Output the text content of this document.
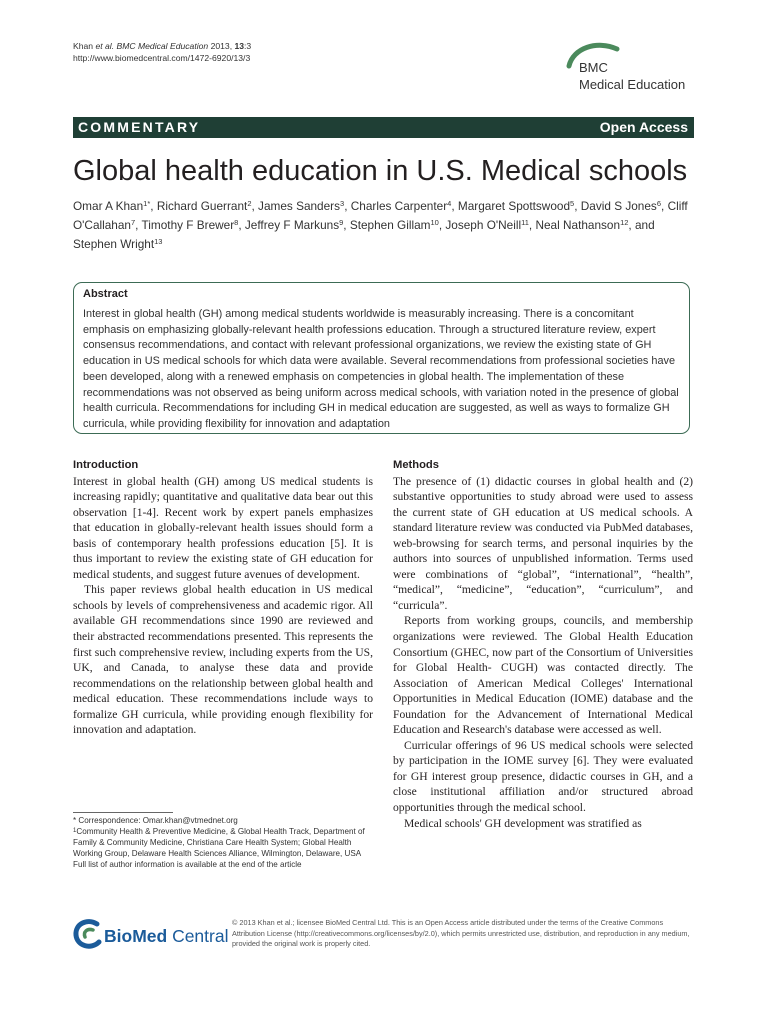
Khan et al. BMC Medical Education 2013, 13:3
http://www.biomedcentral.com/1472-6920/13/3
BMC
Medical Education
COMMENTARY	Open Access
Global health education in U.S. Medical schools
Omar A Khan$^{1*}$, Richard Guerrant$^2$, James Sanders$^3$, Charles Carpenter$^4$, Margaret Spottswood$^5$, David S Jones$^6$, Cliff O'Callahan$^7$, Timothy F Brewer$^8$, Jeffrey F Markuns$^9$, Stephen Gillam$^{10}$, Joseph O'Neill$^{11}$, Neal Nathanson$^{12}$, and Stephen Wright$^{13}$
Abstract
Interest in global health (GH) among medical students worldwide is measurably increasing. There is a concomitant emphasis on emphasizing globally-relevant health professions education. Through a structured literature review, expert consensus recommendations, and contact with relevant professional organizations, we review the existing state of GH education in US medical schools for which data were available. Several recommendations from professional societies have been developed, along with a renewed emphasis on competencies in global health. The implementation of these recommendations was not observed as being uniform across medical schools, with variation noted in the presence of global health curricula. Recommendations for including GH in medical education are suggested, as well as ways to formalize GH curricula, while providing flexibility for innovation and adaptation
Introduction

Interest in global health (GH) among US medical students is increasing rapidly; quantitative and qualitative data bear out this observation [1-4]. Recent work by expert panels emphasizes that education in globally-relevant health issues should form a basis of contemporary health professions education [5]. It is thus important to review the existing state of GH education for medical students, and suggest future avenues of development.

This paper reviews global health education in US medical schools by levels of comprehensiveness and academic rigor. All available GH recommendations since 1990 are reviewed and their abstracted recommendations presented. This represents the first such comprehensive review, including experts from the US, UK, and Canada, to analyse these data and provide recommendations on the relationship between global health and medical education. These recommendations include ways to formalize GH curricula, while providing enough flexibility for innovation and adaptation.

Methods

The presence of (1) didactic courses in global health and (2) substantive opportunities to study abroad were used to assess the current state of GH education at US medical schools. A standard literature review was conducted via PubMed databases, web-browsing for search terms, and personal inquiries by the authors into sources of unpublished information. Terms used were combinations of “global”, “international”, “health”, “medical”, “medicine”, “education”, “curriculum”, and “curricula”.

Reports from working groups, councils, and membership organizations were reviewed. The Global Health Education Consortium (GHEC, now part of the Consortium of Universities for Global Health- CUGH) was contacted directly. The Association of American Medical Colleges' International Opportunities in Medical Education (IOME) database and the Foundation for the Advancement of International Medical Education and Research's database were accessed as well.

Curricular offerings of 96 US medical schools were selected by participation in the IOME survey [6]. They were evaluated for GH interest group presence, didactic courses in GH, and a close institutional affiliation and/or structured abroad opportunities through the medical school.

Medical schools' GH development was stratified as

* Correspondence: Omar.khan@vtmednet.org
$^1$Community Health & Preventive Medicine, & Global Health Track, Department of Family & Community Medicine, Christiana Care Health System; Global Health Working Group, Delaware Health Sciences Alliance, Wilmington, Delaware, USA
Full list of author information is available at the end of the article
BioMed Central
© 2013 Khan et al.; licensee BioMed Central Ltd. This is an Open Access article distributed under the terms of the Creative Commons Attribution License (http://creativecommons.org/licenses/by/2.0), which permits unrestricted use, distribution, and reproduction in any medium, provided the original work is properly cited.
